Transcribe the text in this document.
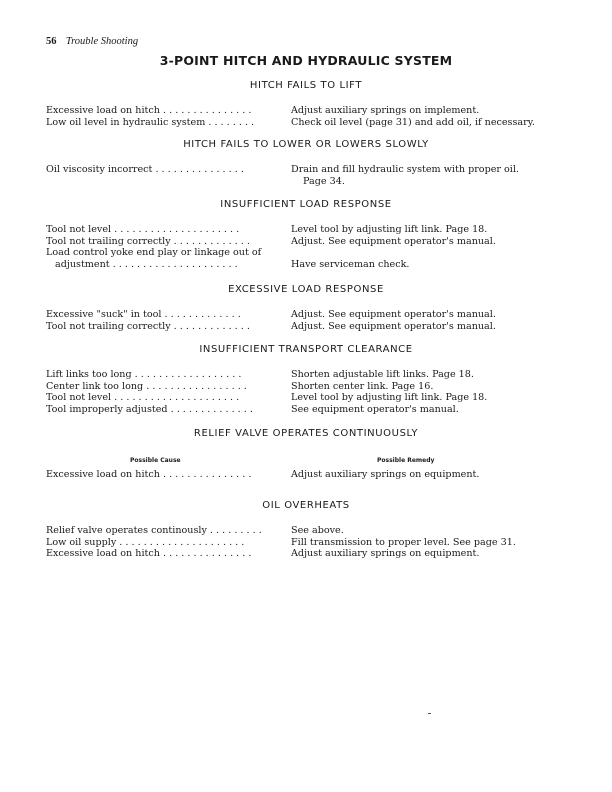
56 Trouble Shooting
3-POINT HITCH AND HYDRAULIC SYSTEM
HITCH FAILS TO LIFT
Excessive load on hitch . . . . . . . . . . . . . . .	Adjust auxiliary springs on implement.
Low oil level in hydraulic system . . . . . . . .	Check oil level (page 31) and add oil, if necessary.
HITCH FAILS TO LOWER OR LOWERS SLOWLY
Oil viscosity incorrect . . . . . . . . . . . . . . .	Drain and fill hydraulic system with proper oil.
Page 34.
INSUFFICIENT LOAD RESPONSE
Tool not level . . . . . . . . . . . . . . . . . . . . .	Level tool by adjusting lift link. Page 18.
Tool not trailing correctly . . . . . . . . . . . . .	Adjust. See equipment operator's manual.
Load control yoke end play or linkage out of
adjustment . . . . . . . . . . . . . . . . . . . . .	Have serviceman check.
EXCESSIVE LOAD RESPONSE
Excessive "suck" in tool . . . . . . . . . . . . .	Adjust. See equipment operator's manual.
Tool not trailing correctly . . . . . . . . . . . . .	Adjust. See equipment operator's manual.
INSUFFICIENT TRANSPORT CLEARANCE
Lift links too long . . . . . . . . . . . . . . . . . .	Shorten adjustable lift links. Page 18.
Center link too long . . . . . . . . . . . . . . . . .	Shorten center link. Page 16.
Tool not level . . . . . . . . . . . . . . . . . . . . .	Level tool by adjusting lift link. Page 18.
Tool improperly adjusted . . . . . . . . . . . . . .	See equipment operator's manual.
RELIEF VALVE OPERATES CONTINUOUSLY
Possible Cause	Possible Remedy
Excessive load on hitch . . . . . . . . . . . . . . .	Adjust auxiliary springs on equipment.
OIL OVERHEATS
Relief valve operates continously . . . . . . . . .	See above.
Low oil supply . . . . . . . . . . . . . . . . . . . . .	Fill transmission to proper level. See page 31.
Excessive load on hitch . . . . . . . . . . . . . . .	Adjust auxiliary springs on equipment.
